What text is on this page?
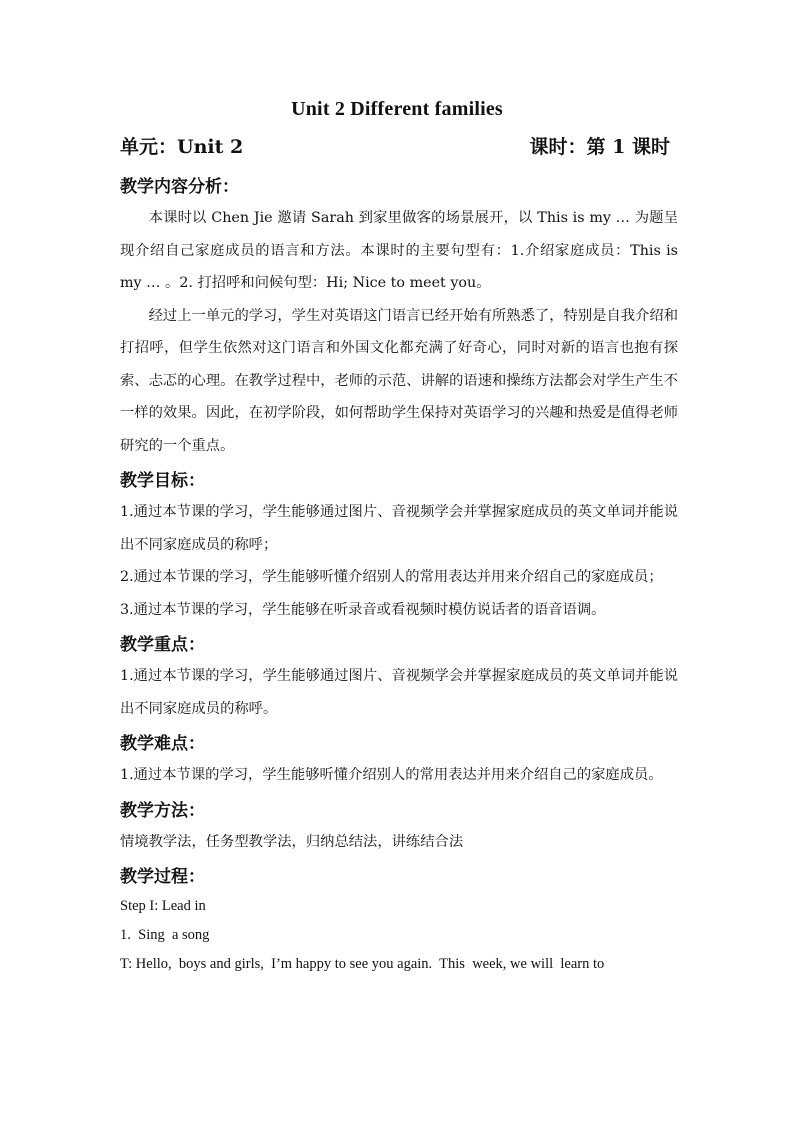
Unit 2 Different families
单元：Unit 2	课时：第 1 课时
教学内容分析：

本课时以 Chen Jie 邀请 Sarah 到家里做客的场景展开，以 This is my … 为题呈现介绍自己家庭成员的语言和方法。本课时的主要句型有：1.介绍家庭成员：This is my … 。2. 打招呼和问候句型：Hi; Nice to meet you。

经过上一单元的学习，学生对英语这门语言已经开始有所熟悉了，特别是自我介绍和打招呼，但学生依然对这门语言和外国文化都充满了好奇心，同时对新的语言也抱有探索、忐忑的心理。在教学过程中，老师的示范、讲解的语速和操练方法都会对学生产生不一样的效果。因此，在初学阶段，如何帮助学生保持对英语学习的兴趣和热爱是值得老师研究的一个重点。

教学目标：

1.通过本节课的学习，学生能够通过图片、音视频学会并掌握家庭成员的英文单词并能说出不同家庭成员的称呼；

2.通过本节课的学习，学生能够听懂介绍别人的常用表达并用来介绍自己的家庭成员；

3.通过本节课的学习，学生能够在听录音或看视频时模仿说话者的语音语调。

教学重点：

1.通过本节课的学习，学生能够通过图片、音视频学会并掌握家庭成员的英文单词并能说出不同家庭成员的称呼。

教学难点：

1.通过本节课的学习，学生能够听懂介绍别人的常用表达并用来介绍自己的家庭成员。

教学方法：

情境教学法，任务型教学法，归纳总结法，讲练结合法

教学过程：

Step I: Lead in

1.  Sing  a song

T: Hello,  boys and girls,  I’m happy to see you again.  This  week, we will  learn to
